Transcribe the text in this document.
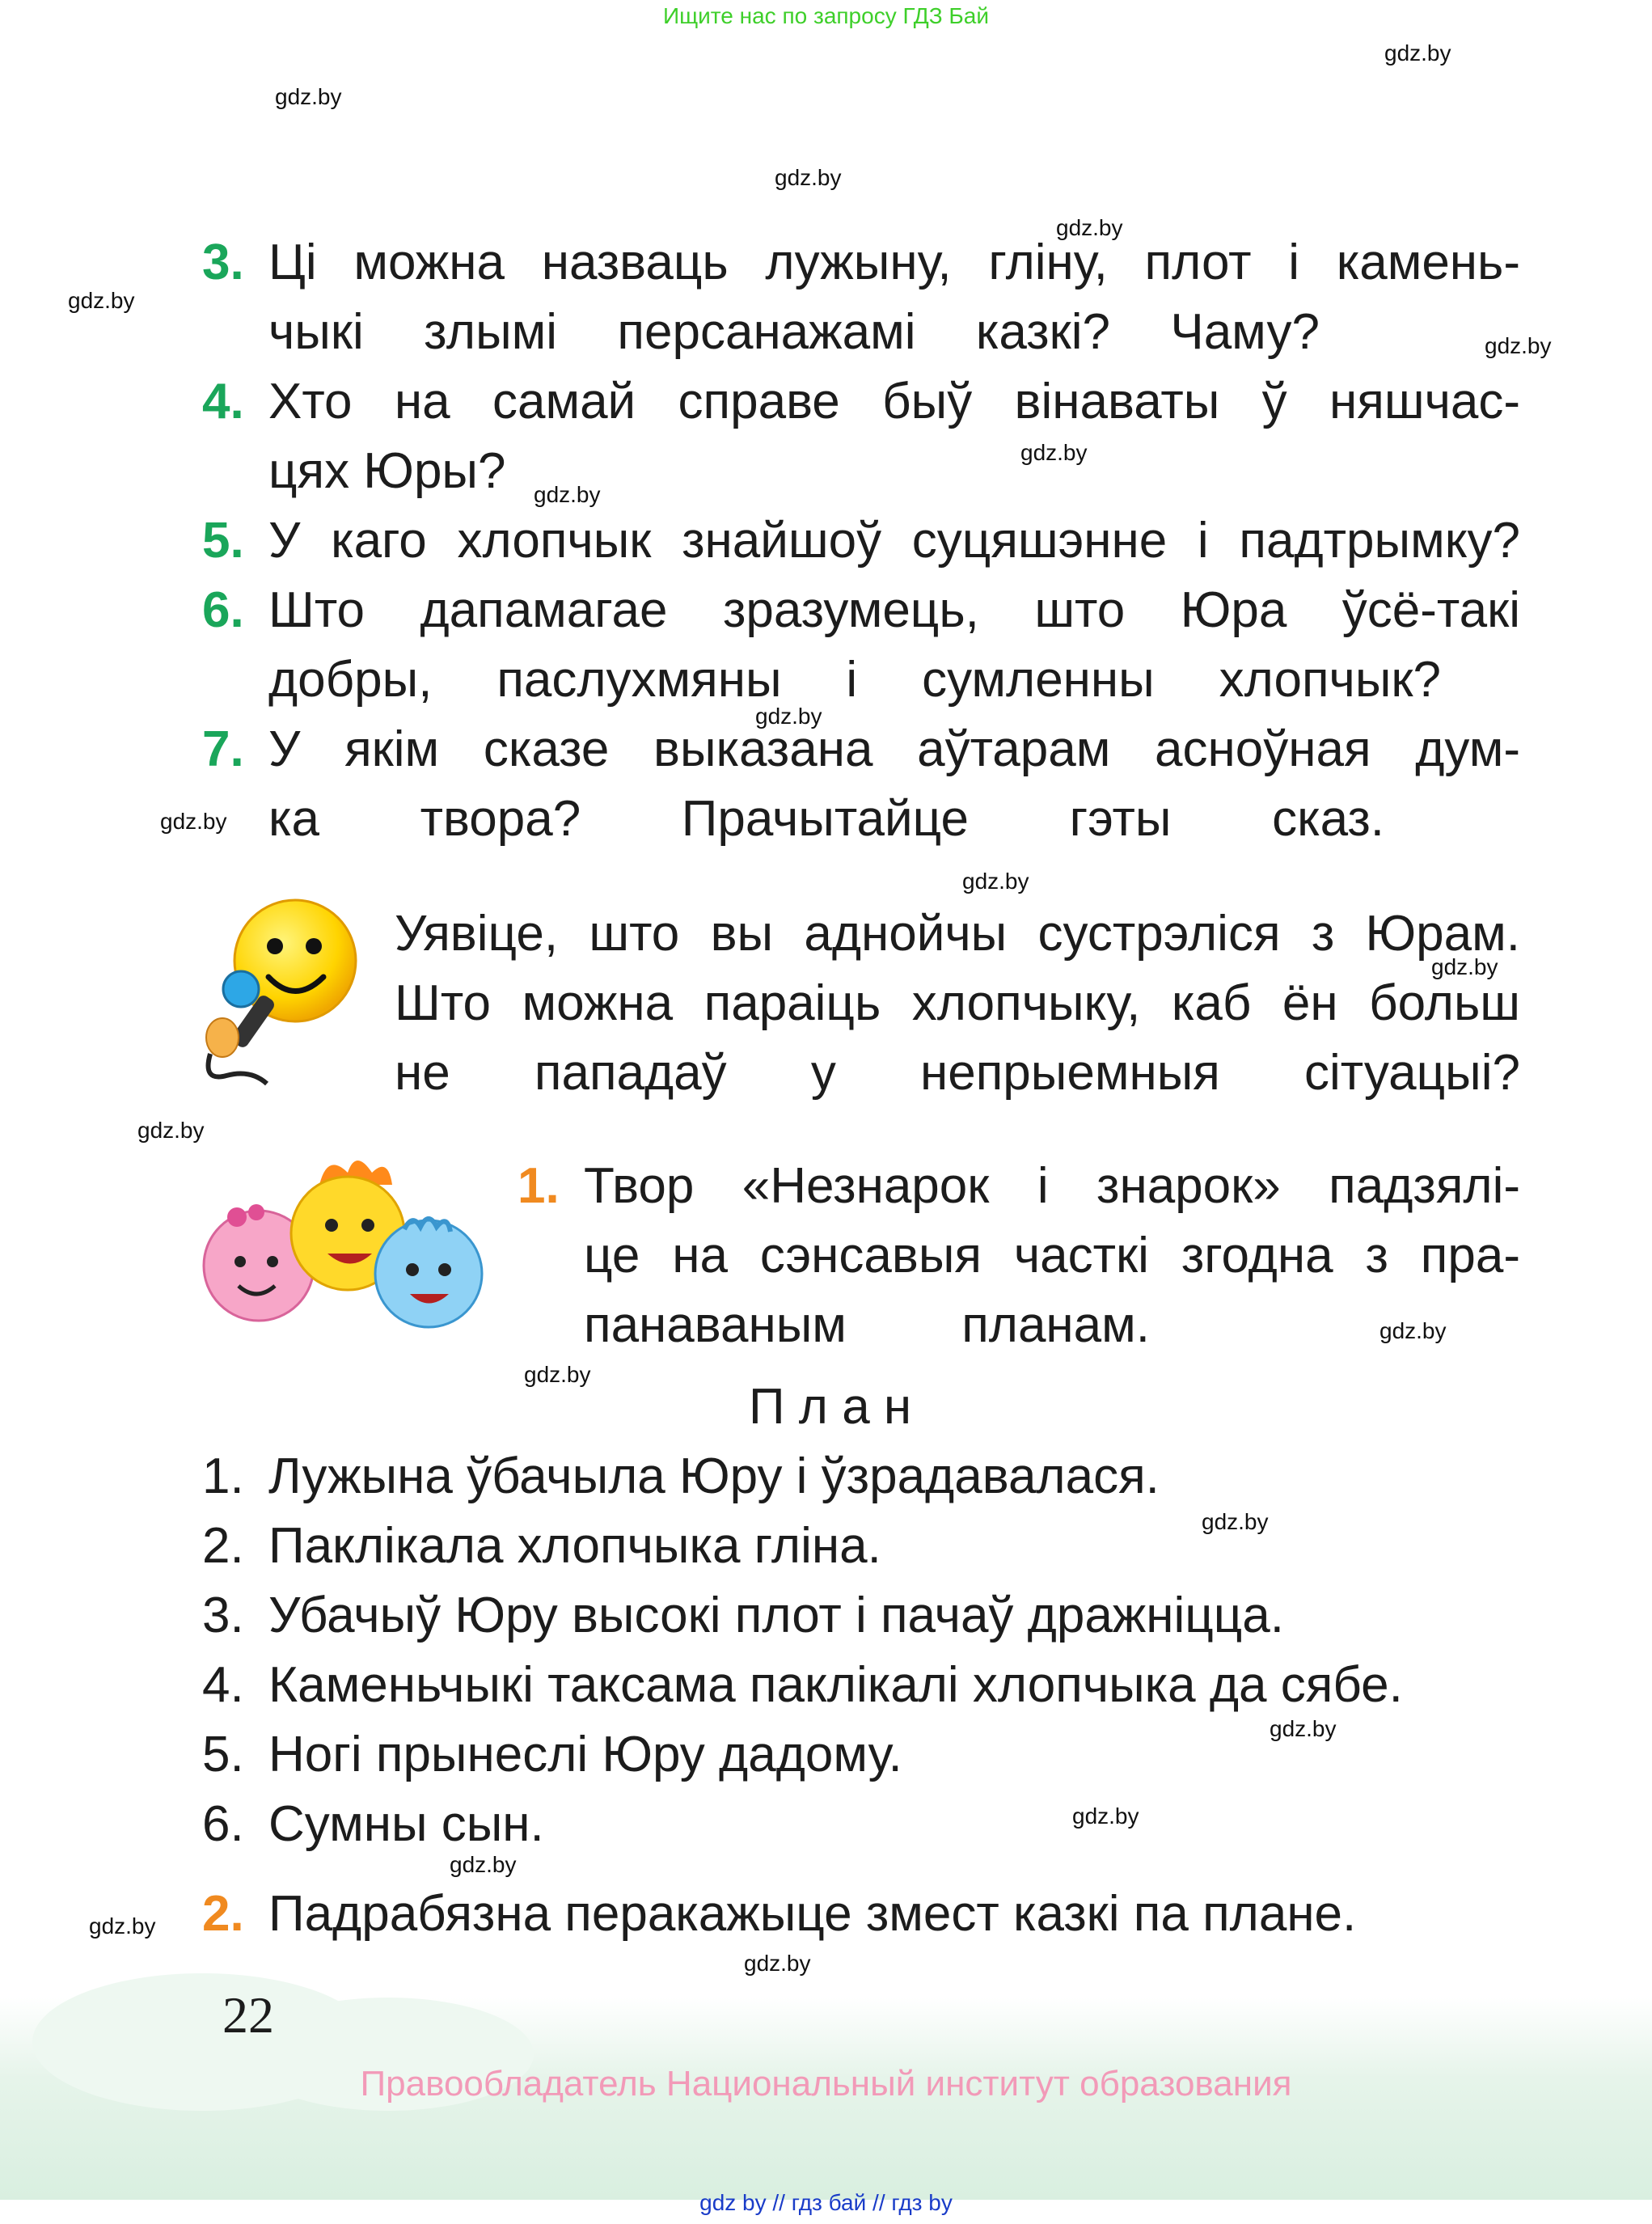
Ищите нас по запросу ГДЗ Бай
gdz.by
gdz.by
gdz.by
gdz.by
gdz.by
gdz.by
gdz.by
gdz.by
gdz.by
gdz.by
gdz.by
gdz.by
gdz.by
gdz.by
gdz.by
gdz.by
gdz.by
gdz.by
gdz.by
gdz.by
gdz.by
3. Ці можна назваць лужыну, гліну, плот і камень-
чыкі злымі персанажамі казкі? Чаму?
4. Хто на самай справе быў вінаваты ў няшчас-
цях Юры?
5. У каго хлопчык знайшоў суцяшэнне і падтрымку?
6. Што дапамагае зразумець, што Юра ўсё-такі
добры, паслухмяны і сумленны хлопчык?
7. У якім сказе выказана аўтарам асноўная дум-
ка твора? Прачытайце гэты сказ.
Уявіце, што вы аднойчы сустрэліся з Юрам.
Што можна параіць хлопчыку, каб ён больш
не пападаў у непрыемныя сітуацыі?
1. Твор «Незнарок і знарок» падзялі-
це на сэнсавыя часткі згодна з пра-
панаваным планам.
П л а н
1. Лужына ўбачыла Юру і ўзрадавалася.
2. Паклікала хлопчыка гліна.
3. Убачыў Юру высокі плот і пачаў дражніцца.
4. Каменьчыкі таксама паклікалі хлопчыка да сябе.
5. Ногі прынеслі Юру дадому.
6. Сумны сын.
2. Падрабязна перакажыце змест казкі па плане.
22
Правообладатель Национальный институт образования
gdz by // гдз бай // гдз by
